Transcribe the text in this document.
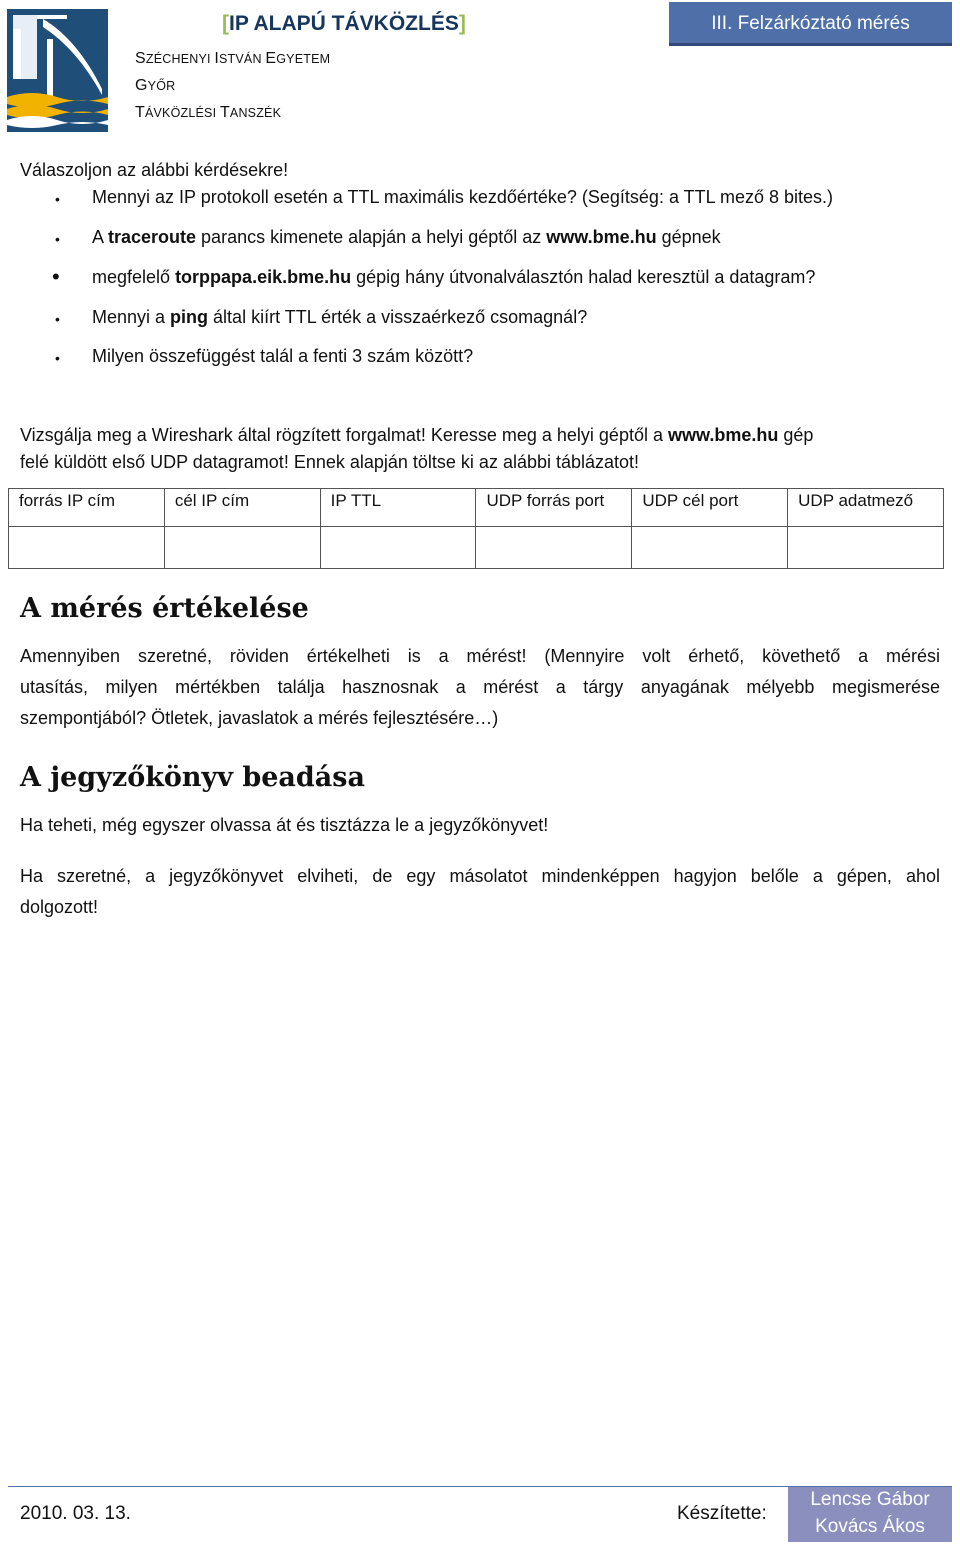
[IP ALAPÚ TÁVKÖZLÉS]
SZÉCHENYI ISTVÁN EGYETEM
GYŐR
TÁVKÖZLÉSI TANSZÉK
III. Felzárkóztató mérés
Válaszoljon az alábbi kérdésekre!
• Mennyi az IP protokoll esetén a TTL maximális kezdőértéke? (Segítség: a TTL mező 8 bites.)
• A traceroute parancs kimenete alapján a helyi géptől az www.bme.hu gépnek
• megfelelő torppapa.eik.bme.hu gépig hány útvonalválasztón halad keresztül a datagram?
• Mennyi a ping által kiírt TTL érték a visszaérkező csomagnál?
• Milyen összefüggést talál a fenti 3 szám között?
Vizsgálja meg a Wireshark által rögzített forgalmat! Keresse meg a helyi géptől a www.bme.hu gép
felé küldött első UDP datagramot! Ennek alapján töltse ki az alábbi táblázatot!
forrás IP cím	cél IP cím	IP TTL	UDP forrás port	UDP cél port	UDP adatmező

A mérés értékelése
Amennyiben szeretné, röviden értékelheti is a mérést! (Mennyire volt érhető, követhető a mérési
utasítás, milyen mértékben találja hasznosnak a mérést a tárgy anyagának mélyebb megismerése
szempontjából? Ötletek, javaslatok a mérés fejlesztésére…)
A jegyzőkönyv beadása
Ha teheti, még egyszer olvassa át és tisztázza le a jegyzőkönyvet!
Ha szeretné, a jegyzőkönyvet elviheti, de egy másolatot mindenképpen hagyjon belőle a gépen, ahol
dolgozott!
2010. 03. 13.	Készítette:
Lencse Gábor
Kovács Ákos
